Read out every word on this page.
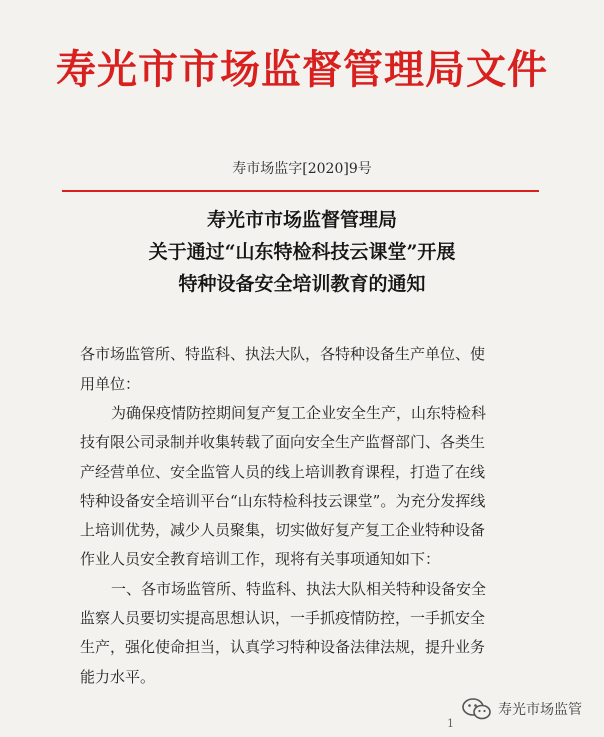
寿光市市场监督管理局文件
寿市场监字[2020]9号
寿光市市场监督管理局
关于通过“山东特检科技云课堂”开展
特种设备安全培训教育的通知
各市场监管所、特监科、执法大队，各特种设备生产单位、使
用单位：
为确保疫情防控期间复产复工企业安全生产，山东特检科
技有限公司录制并收集转载了面向安全生产监督部门、各类生
产经营单位、安全监管人员的线上培训教育课程，打造了在线
特种设备安全培训平台“山东特检科技云课堂”。为充分发挥线
上培训优势，减少人员聚集，切实做好复产复工企业特种设备
作业人员安全教育培训工作，现将有关事项通知如下：
一、各市场监管所、特监科、执法大队相关特种设备安全
监察人员要切实提高思想认识，一手抓疫情防控，一手抓安全
生产，强化使命担当，认真学习特种设备法律法规，提升业务
能力水平。
寿光市场监管
1
